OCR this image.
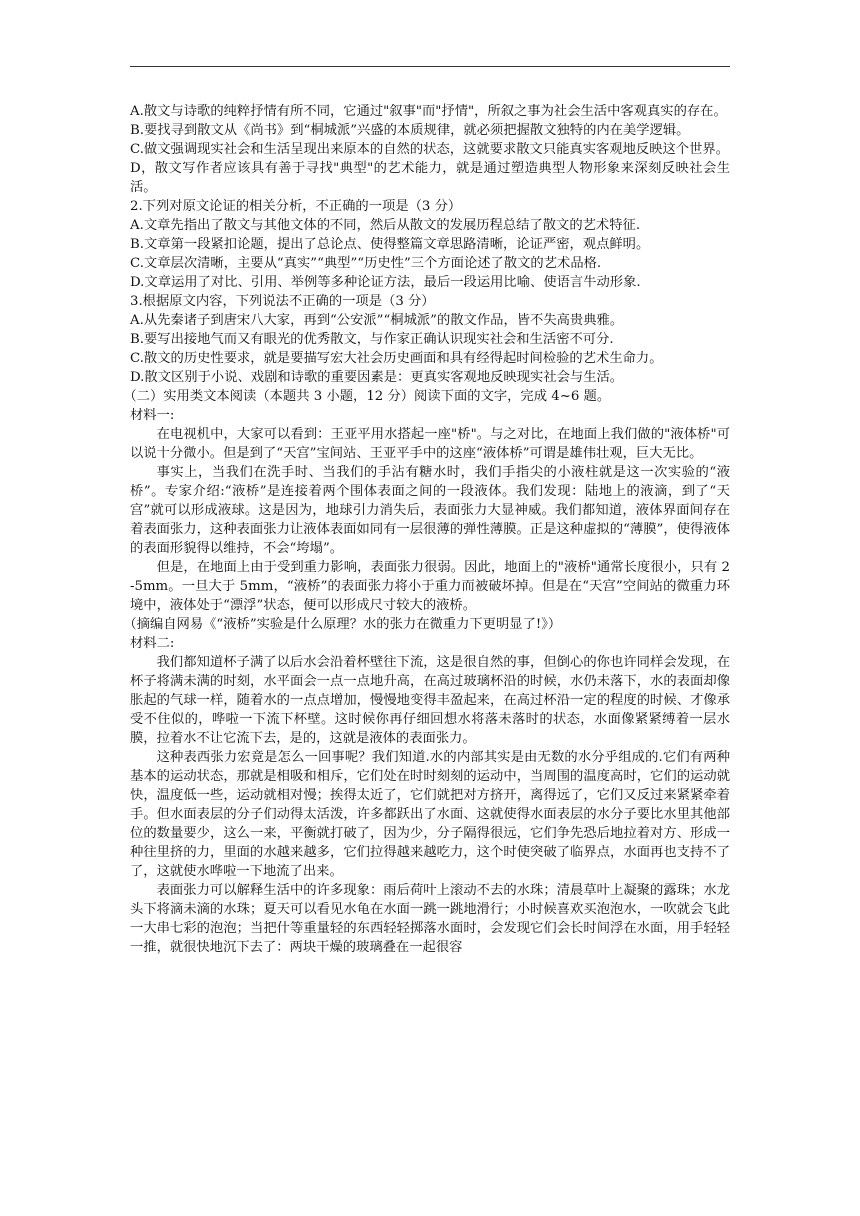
A.散文与诗歌的纯粹抒情有所不同，它通过"叙事"而"抒情"，所叙之事为社会生活中客观真实的存在。

B.要找寻到散文从《尚书》到“桐城派”兴盛的本质规律，就必须把握散文独特的内在美学逻辑。

C.做文强调现实社会和生活呈现出来原本的自然的状态，这就要求散文只能真实客观地反映这个世界。

D，散文写作者应该具有善于寻找"典型"的艺术能力，就是通过塑造典型人物形象来深刻反映社会生活。

2.下列对原文论证的相关分析，不正确的一项是（3 分）

A.文章先指出了散文与其他文体的不同，然后从散文的发展历程总结了散文的艺术特征.

B.文章第一段紧扣论题，提出了总论点、使得整篇文章思路清晰，论证严密，观点鲜明。

C.文章层次清晰，主要从“真实”“典型”“历史性”三个方面论述了散文的艺术品格.

D.文章运用了对比、引用、举例等多种论证方法，最后一段运用比喻、使语言牛动形象.

3.根据原文内容，下列说法不正确的一项是（3 分）

A.从先秦诸子到唐宋八大家，再到“公安派”“桐城派”的散文作品，皆不失高贵典雅。

B.要写出接地气而又有眼光的优秀散文，与作家正确认识现实社会和生活密不可分.

C.散文的历史性要求，就是要描写宏大社会历史画面和具有经得起时间检验的艺术生命力。

D.散文区别于小说、戏剧和诗歌的重要因素是：更真实客观地反映现实社会与生活。

（二）实用类文本阅读（本题共 3 小题，12 分）阅读下面的文字，完成 4~6 题。

材料一:

在电视机中，大家可以看到：王亚平用水搭起一座"桥"。与之对比，在地面上我们做的"液体桥"可以说十分微小。但是到了“天宫”宝间站、王亚平手中的这座“液体桥”可谓是雄伟壮观，巨大无比。

事实上，当我们在洗手时、当我们的手沾有糖水时，我们手指尖的小液柱就是这一次实验的“液桥”。专家介绍:“液桥”是连接着两个围体表面之间的一段液体。我们发现：陆地上的液滴，到了“天宫”就可以形成液球。这是因为，地球引力消失后，表面张力大显神威。我们都知道，液体界面间存在着表面张力，这种表面张力让液体表面如同有一层很薄的弹性薄膜。正是这种虚拟的“薄膜”，使得液体的表面形貌得以维持，不会“垮塌”。

但是，在地面上由于受到重力影响，表面张力很弱。因此，地面上的"液桥"通常长度很小，只有 2-5mm。一旦大于 5mm，“液桥”的表面张力将小于重力而被破坏掉。但是在“天宫”空间站的微重力环境中，液体处于“漂浮”状态，便可以形成尺寸较大的液桥。

（摘编自网易《“液桥”实验是什么原理？水的张力在微重力下更明显了!》）

材料二:

我们都知道杯子满了以后水会沿着杯壁往下流，这是很自然的事，但倒心的你也许同样会发现，在杯子将满未满的时刻，水平面会一点一点地升高，在高过玻璃杯沿的时候，水仍未落下，水的表面却像胀起的气球一样，随着水的一点点增加，慢慢地变得丰盈起来，在高过杯沿一定的程度的时候、才像承受不住似的，哗啦一下流下杯壁。这时候你再仔细回想水将落未落时的状态，水面像紧紧缚着一层水膜，拉着水不让它流下去，是的，这就是液体的表面张力。

这种表西张力宏竟是怎么一回事呢？我们知道.水的内部其实是由无数的水分乎组成的.它们有两种基本的运动状态，那就是相吸和相斥，它们处在时时刻刻的运动中，当周围的温度高时，它们的运动就快，温度低一些，运动就相对慢；挨得太近了，它们就把对方挤开，离得远了，它们又反过来紧紧牵着手。但水面表层的分子们动得太活泼，许多都跃出了水面、这就使得水面表层的水分子要比水里其他部位的数量要少，这么一来，平衡就打破了，因为少，分子隔得很远，它们争先恐后地拉着对方、形成一种往里挤的力，里面的水越来越多，它们拉得越来越吃力，这个时使突破了临界点，水面再也支持不了了，这就使水哗啦一下地流了出来。

表面张力可以解释生活中的许多现象：雨后荷叶上滚动不去的水珠；清晨草叶上凝聚的露珠；水龙头下将滴未滴的水珠；夏天可以看见水龟在水面一跳一跳地滑行；小时候喜欢买泡泡水，一吹就会飞此一大串七彩的泡泡；当把什等重量轻的东西轻轻掷落水面时，会发现它们会长时间浮在水面，用手轻轻一推，就很快地沉下去了：两块干燥的玻璃叠在一起很容
